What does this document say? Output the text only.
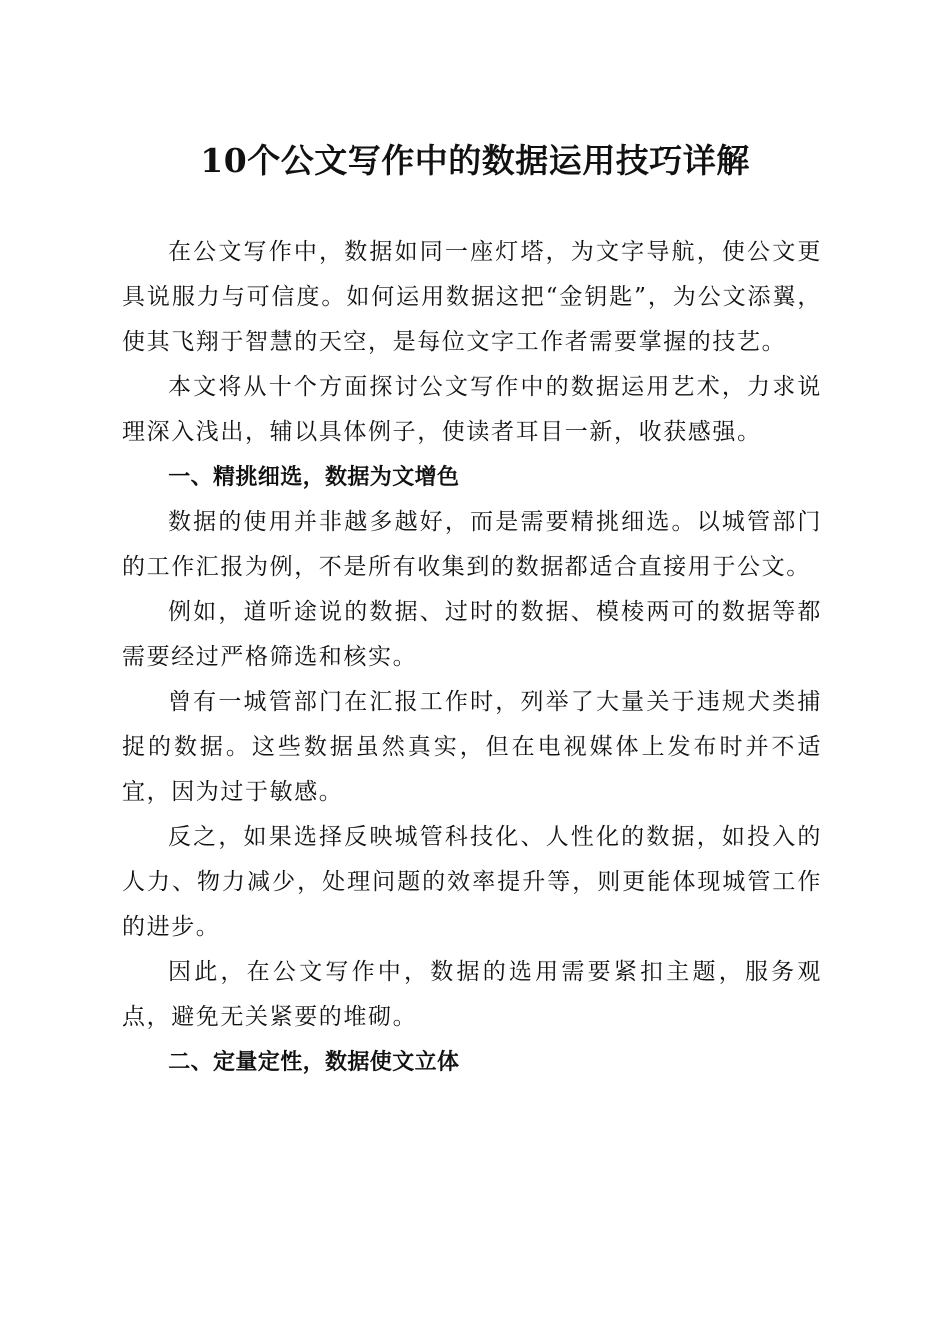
10个公文写作中的数据运用技巧详解

在公文写作中，数据如同一座灯塔，为文字导航，使公文更具说服力与可信度。如何运用数据这把“金钥匙”，为公文添翼，使其飞翔于智慧的天空，是每位文字工作者需要掌握的技艺。

本文将从十个方面探讨公文写作中的数据运用艺术，力求说理深入浅出，辅以具体例子，使读者耳目一新，收获感强。

一、精挑细选，数据为文增色

数据的使用并非越多越好，而是需要精挑细选。以城管部门的工作汇报为例，不是所有收集到的数据都适合直接用于公文。

例如，道听途说的数据、过时的数据、模棱两可的数据等都需要经过严格筛选和核实。

曾有一城管部门在汇报工作时，列举了大量关于违规犬类捕捉的数据。这些数据虽然真实，但在电视媒体上发布时并不适宜，因为过于敏感。

反之，如果选择反映城管科技化、人性化的数据，如投入的人力、物力减少，处理问题的效率提升等，则更能体现城管工作的进步。

因此，在公文写作中，数据的选用需要紧扣主题，服务观点，避免无关紧要的堆砌。

二、定量定性，数据使文立体
